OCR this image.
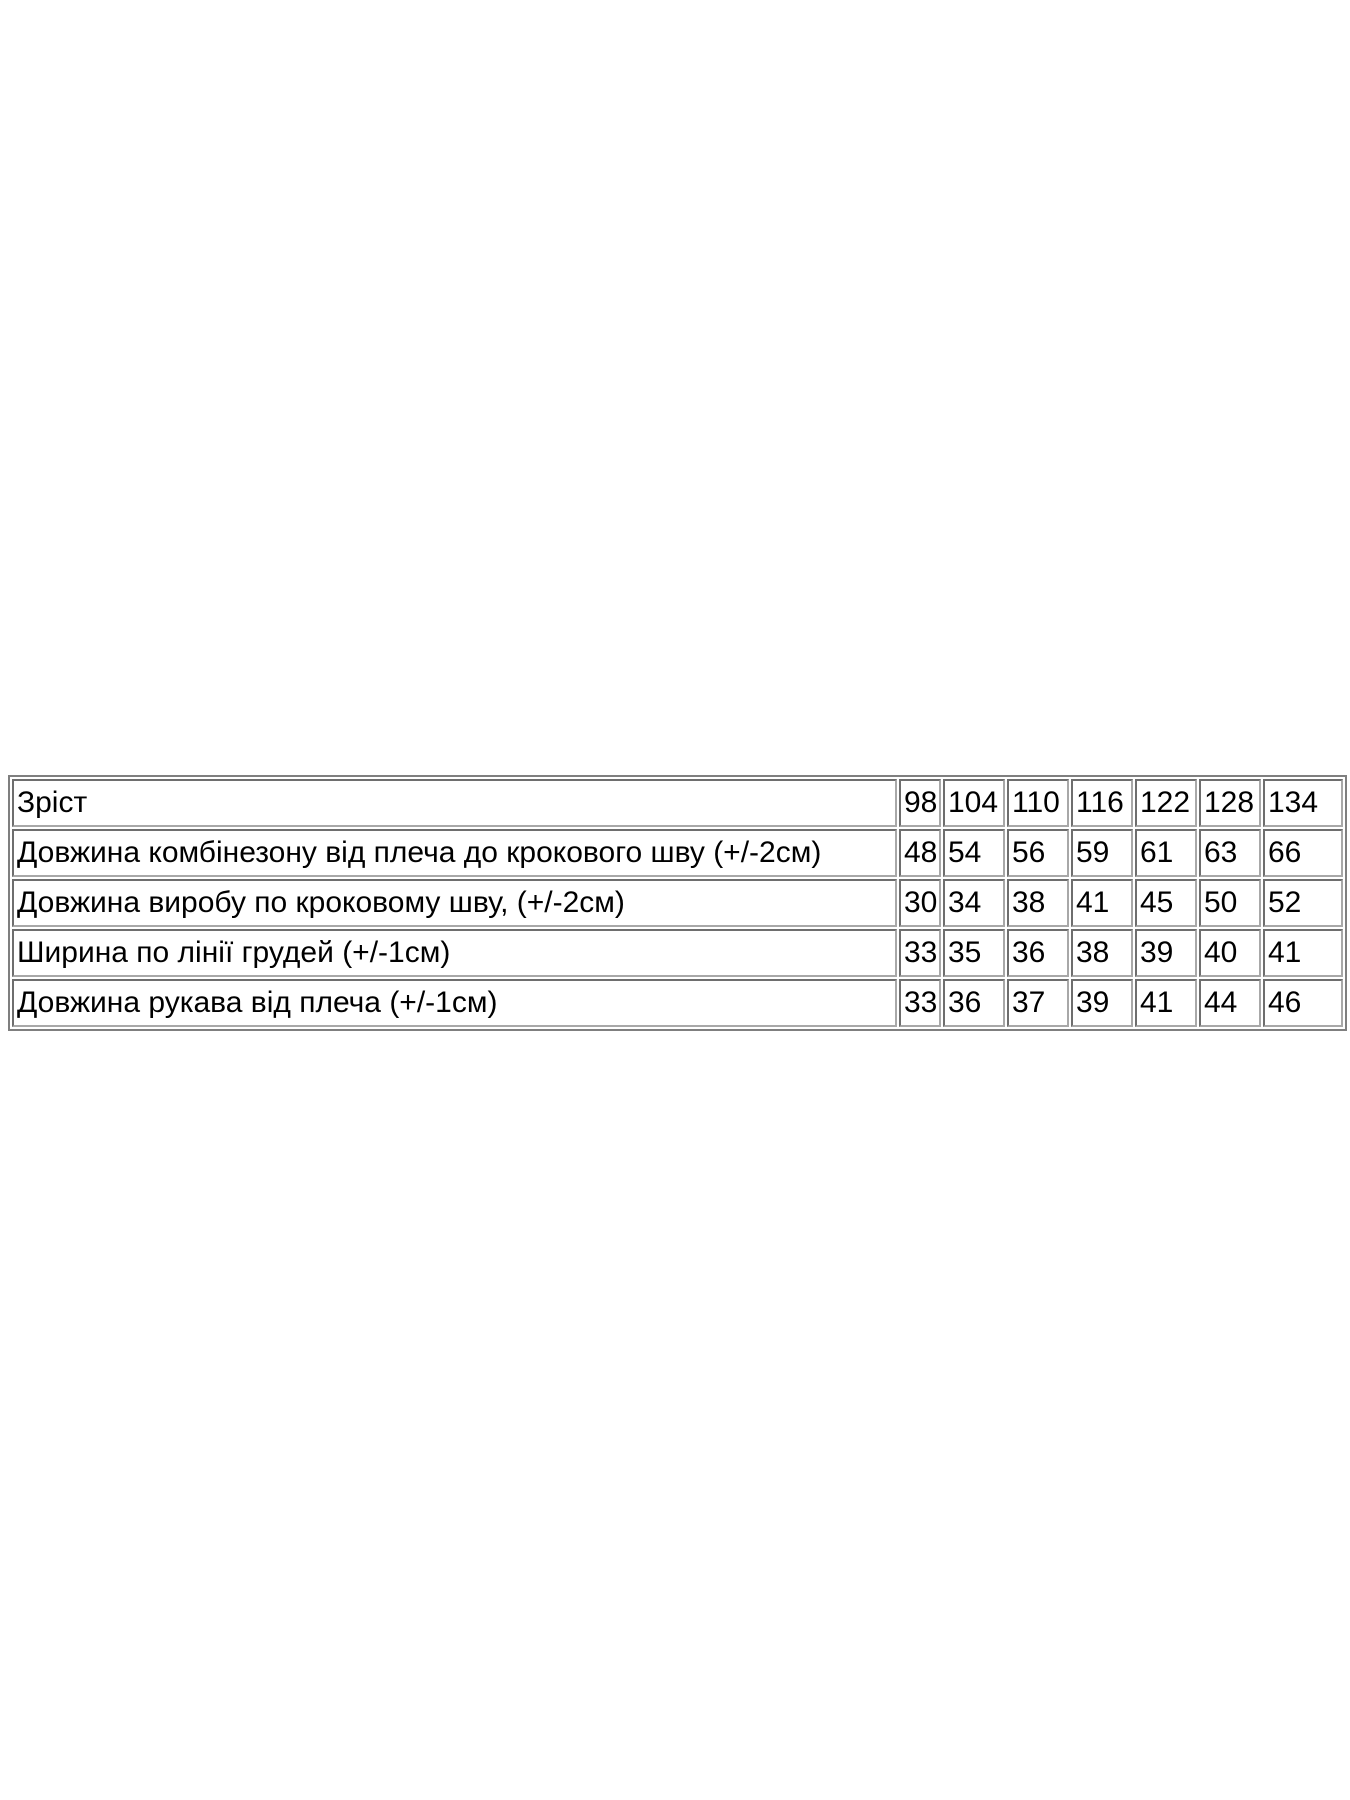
Зріст	98	104	110	116	122	128	134
Довжина комбінезону від плеча до крокового шву (+/-2см)	48	54	56	59	61	63	66
Довжина виробу по кроковому шву, (+/-2см)	30	34	38	41	45	50	52
Ширина по лінії грудей (+/-1см)	33	35	36	38	39	40	41
Довжина рукава від плеча (+/-1см)	33	36	37	39	41	44	46
